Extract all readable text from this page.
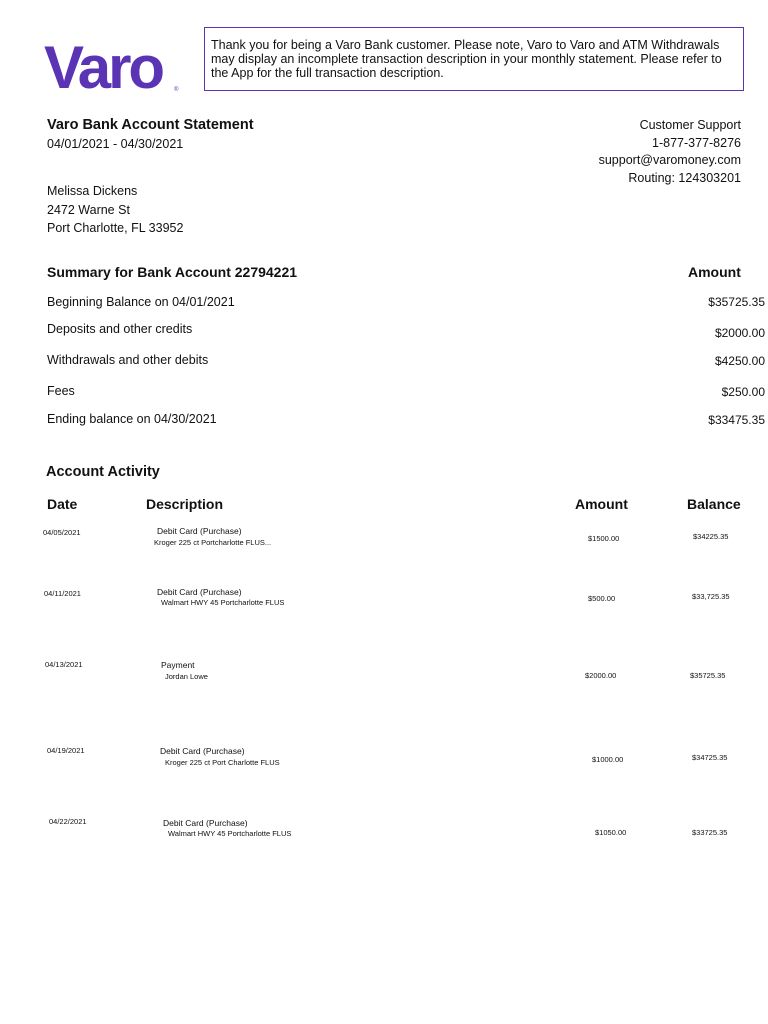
Varo ®
Thank you for being a Varo Bank customer. Please note, Varo to Varo and ATM Withdrawals may display an incomplete transaction description in your monthly statement. Please refer to the App for the full transaction description.
Varo Bank Account Statement
04/01/2021 - 04/30/2021
Customer Support
1-877-377-8276
support@varomoney.com
Routing: 124303201
Melissa Dickens
2472 Warne St
Port Charlotte, FL 33952
Summary for Bank Account 22794221	Amount
Beginning Balance on 04/01/2021	$35725.35
Deposits and other credits	$2000.00
Withdrawals and other debits	$4250.00
Fees	$250.00
Ending balance on 04/30/2021	$33475.35
Account Activity
Date	Description	Amount	Balance
04/05/2021	Debit Card (Purchase)
Kroger 225 ct Portcharlotte FLUS...	$1500.00	$34225.35
04/11/2021	Debit Card (Purchase)
Walmart HWY 45 Portcharlotte FLUS	$500.00	$33,725.35
04/13/2021	Payment
Jordan Lowe	$2000.00	$35725.35
04/19/2021	Debit Card (Purchase)
Kroger 225 ct Port Charlotte FLUS	$1000.00	$34725.35
04/22/2021	Debit Card (Purchase)
Walmart HWY 45 Portcharlotte FLUS	$1050.00	$33725.35
